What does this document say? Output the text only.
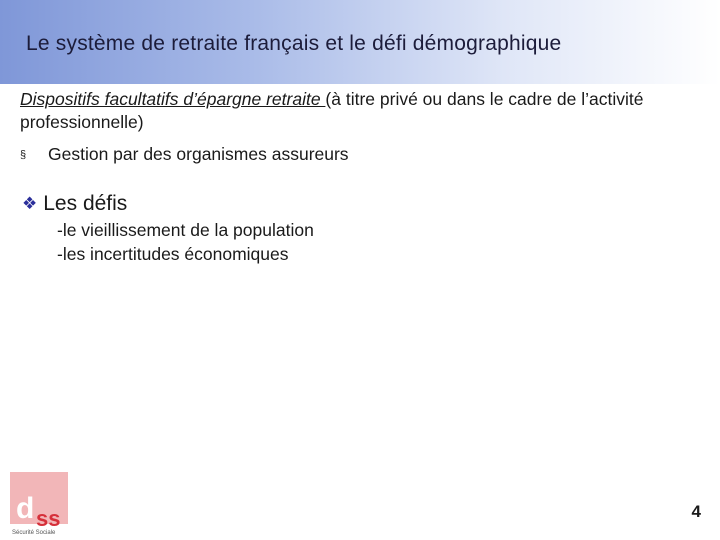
Le système de retraite français et le défi démographique
Dispositifs facultatifs d’épargne retraite (à titre privé ou dans le cadre de l’activité professionnelle)
§ Gestion par des organismes assureurs
❖ Les défis
-le vieillissement de la population
-les incertitudes économiques
d ss
Sécurité Sociale
4
